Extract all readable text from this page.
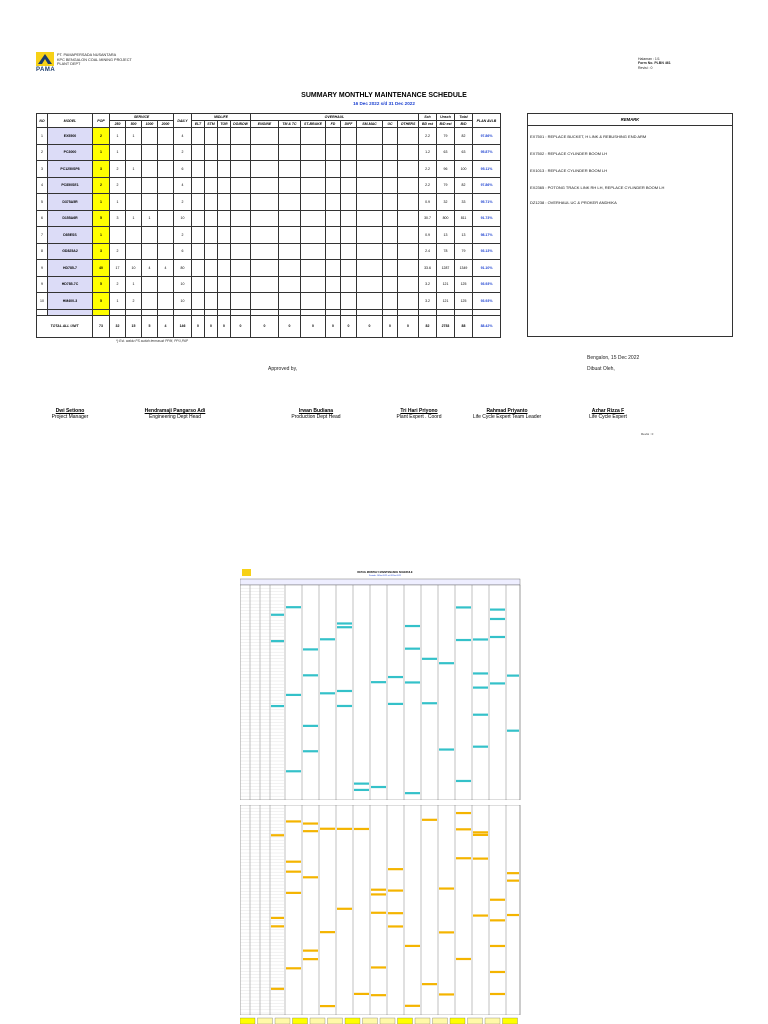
PAMA
PT. PAMAPERSADA NUSANTARA
KPC BENGALON COAL MINING PROJECT
PLANT DEPT
Halaman : 1/1
Form No. PLBN 461
Revisi : 0
SUMMARY MONTHLY MAINTENANCE SCHEDULE
16 Dec 2022 s/d 31 Dec 2022
NO	MODEL	POP	SERVICE				DAILY	MIDLIFE				OVERHAUL								Sch	Unsch	Total	PLAN AVLB
			250	500	1000	2000		ELT	STM	TOR	DG/BOW	ENGINE	TM & TC	ST-BRAKE	FD	DIFF	SM-MAC	UC	OTHERS	BD est	B/D est	B/D	
1	EX5500	2	1	1			4													2.2	79	82	97.86%
2	PC3000	1	1				2													1.2	63	63	95.87%
3	PC1250SP8	3	2	1			6													2.2	96	100	95.11%
4	PC850SE1	2	2				4													2.2	79	82	97.86%
5	D375A5R	1	1				2													0.9	32	33	95.71%
6	D155A6R	5	3	1	1		10													30.7	800	811	91.73%
7	D85ESS	1					2													0.9	13	13	98.17%
8	GD825A2	3	2				6													2.4	78	79	93.13%
9	HD785-7	40	17	10	4	4	80													33.6	1287	1349	91.10%
9	HD785-7C	5	2	1			10													3.2	121	125	93.93%
10	HM400-3	5	1	2			10													3.2	121	125	93.93%

TOTAL ALL UNIT		73	32	15	5	4	146	0	0	0	0	0	0	0	0	0	0	0	0	82	2753	88	88.42%
REMARK
EX7501 : REPLACE BUCKET, H LINK & REBUSHING END ARM
EX7502 : REPLACE CYLINDER BOOM LH
EX1013 : REPLACE CYLINDER BOOM LH
EX2365 : POTONG TRACK LINK RH LH, REPLACE CYLINDER BOOM LH
DZ1238 : OVERHAUL UC & PROKER ANDHIKA
*) Est. waktu PS sudah termasuk PPM, PPU,PAP
Bengalon, 15 Dec 2022
Dibuat Oleh,
Approved by,
Dwi Setiono
Project Manager
Hendramaji Pangarso Adi
Engineering Dept Head
Irwan Budiana
Production Dept Head
Tri Hari Priyono
Plant Expert . Coord
Rahmad Priyanto
Life Cycle Expert Team Leader
Azhar Rizza F
Life Cycle Expert
Revisi : 0
DETAIL MONTHLY MAINTENANCE SCHEDULE
Periode: 16Dec2022 s/d 31Dec2022
